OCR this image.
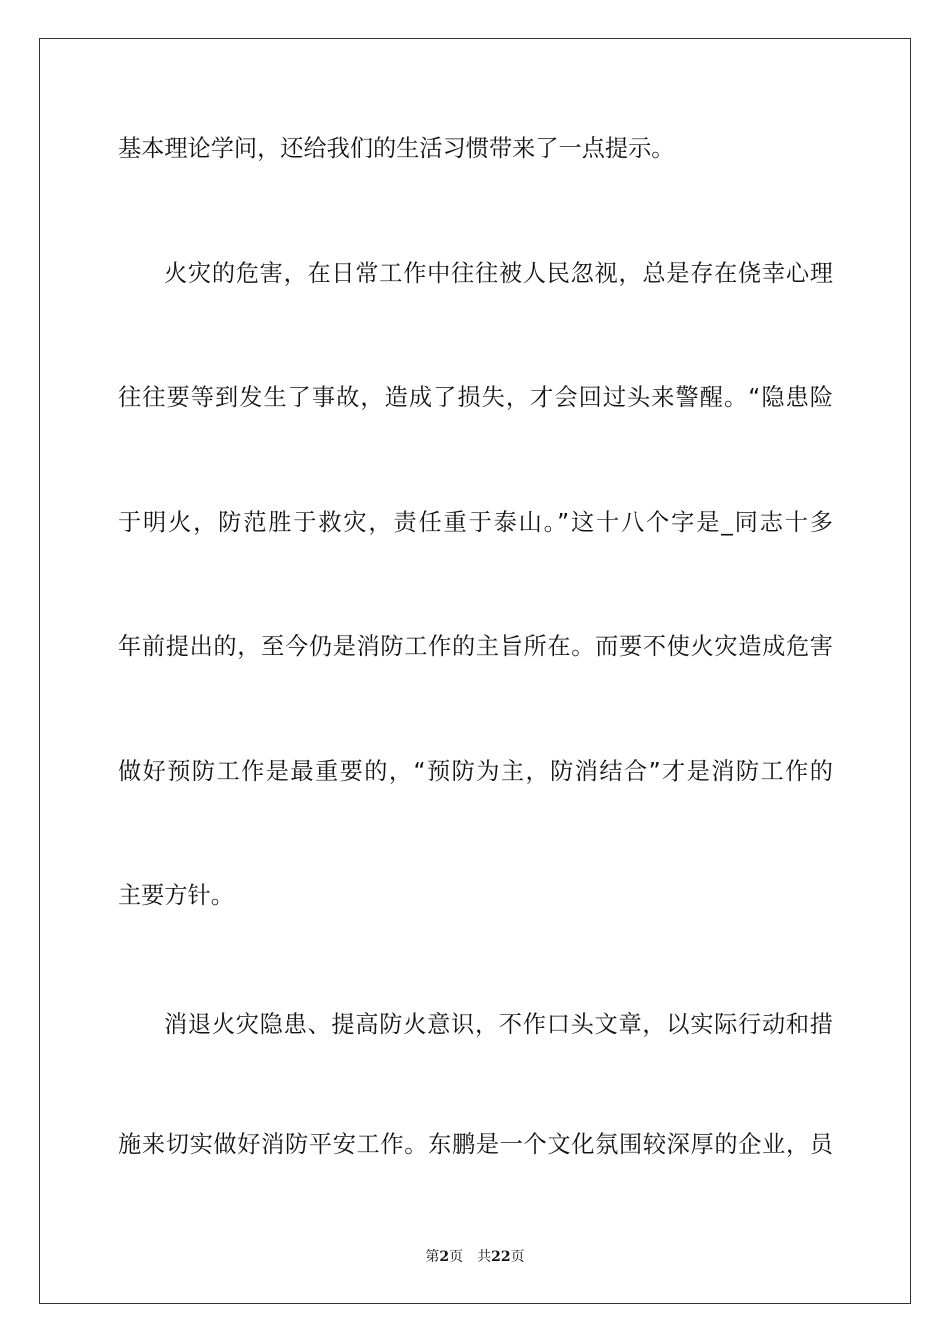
基本理论学问，还给我们的生活习惯带来了一点提示。
火灾的危害，在日常工作中往往被人民忽视，总是存在侥幸心理
往往要等到发生了事故，造成了损失，才会回过头来警醒。“隐患险
于明火，防范胜于救灾，责任重于泰山。”这十八个字是_同志十多
年前提出的，至今仍是消防工作的主旨所在。而要不使火灾造成危害
做好预防工作是最重要的，“预防为主，防消结合”才是消防工作的
主要方针。
消退火灾隐患、提高防火意识，不作口头文章，以实际行动和措
施来切实做好消防平安工作。东鹏是一个文化氛围较深厚的企业，员
第2页 共22页
